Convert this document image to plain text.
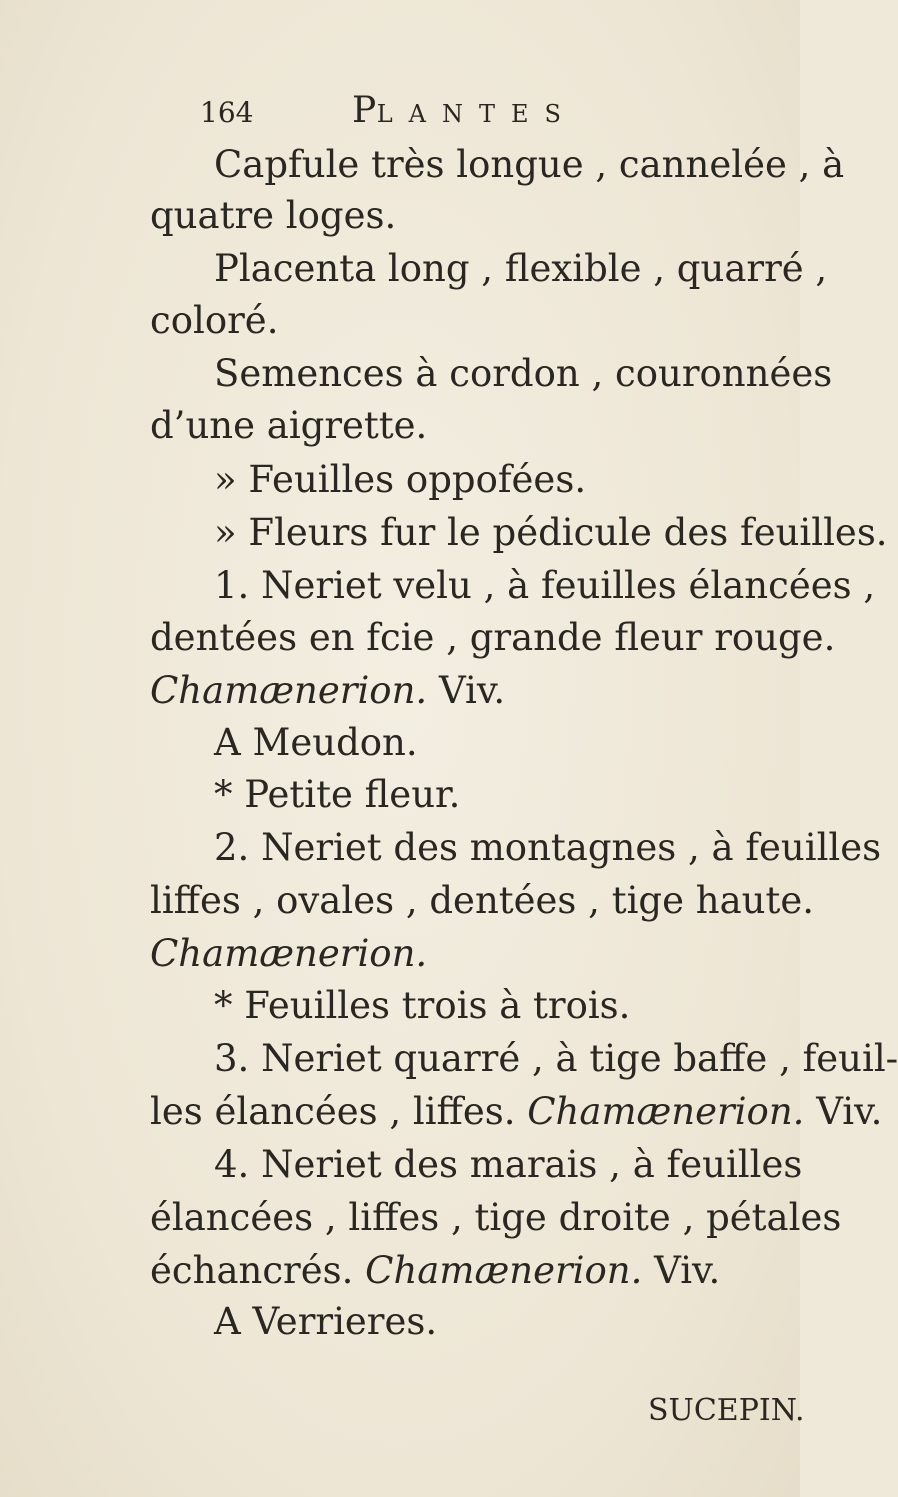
164	PLANTES
Capfule très longue , cannelée , à
quatre loges.
Placenta long , flexible , quarré ,
coloré.
Semences à cordon , couronnées
d’une aigrette.
» Feuilles oppofées.
» Fleurs fur le pédicule des feuilles.
1. Neriet velu , à feuilles élancées ,
dentées en fcie , grande fleur rouge.
Chamænerion. Viv.
A Meudon.
* Petite fleur.
2. Neriet des montagnes , à feuilles
liffes , ovales , dentées , tige haute.
Chamænerion.
* Feuilles trois à trois.
3. Neriet quarré , à tige baffe , feuil-
les élancées , liffes. Chamænerion. Viv.
4. Neriet des marais , à feuilles
élancées , liffes , tige droite , pétales
échancrés. Chamænerion. Viv.
A Verrieres.
SUCEPIN.
